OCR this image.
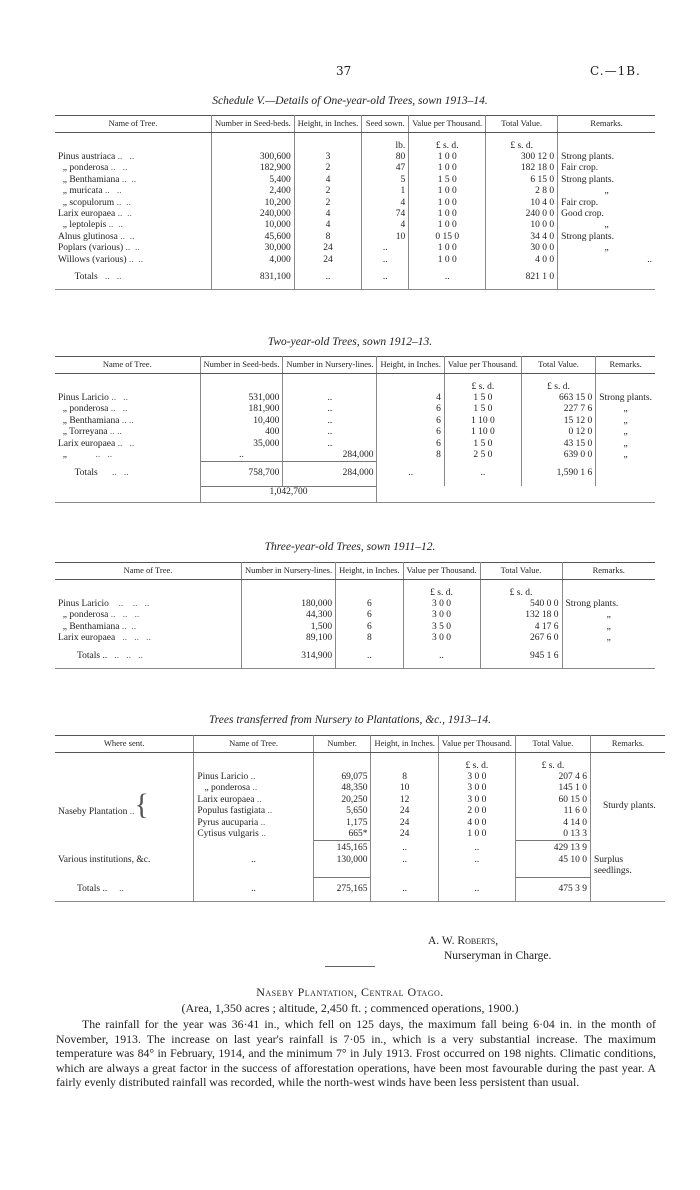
37	C.—1B.
Schedule V.—Details of One-year-old Trees, sown 1913–14.
Name of Tree.	Number in Seed-beds.	Height, in Inches.	Seed sown.	Value per Thousand.	Total Value.	Remarks.

			lb.	£ s. d.	£ s. d.	
Pinus austriaca ..   ..	300,600	3	80	1 0 0	300 12 0	Strong plants.
„ ponderosa ..   ..	182,900	2	47	1 0 0	182 18 0	Fair crop.
„ Benthamiana ..  ..	5,400	4	5	1 5 0	6 15 0	Strong plants.
„ muricata ..   ..	2,400	2	1	1 0 0	2 8 0	„
„ scopulorum ..  ..	10,200	2	4	1 0 0	10 4 0	Fair crop.
Larix europaea ..  ..	240,000	4	74	1 0 0	240 0 0	Good crop.
„ leptolepis ..  ..	10,000	4	4	1 0 0	10 0 0	„
Alnus glutinosa ..  ..	45,600	8	10	0 15 0	34 4 0	Strong plants.
Poplars (various) ..  ..	30,000	24	..	1 0 0	30 0 0	„
Willows (various) ..  ..	4,000	24	..	1 0 0	4 0 0	..
Totals   ..   ..	831,100	..	..	..	821 1 0	
Two-year-old Trees, sown 1912–13.
Name of Tree.	Number in Seed-beds.	Number in Nursery-lines.	Height, in Inches.	Value per Thousand.	Total Value.	Remarks.

				£ s. d.	£ s. d.	
Pinus Laricio ..   ..	531,000	..	4	1 5 0	663 15 0	Strong plants.
„ ponderosa ..   ..	181,900	..	6	1 5 0	227 7 6	„
„ Benthamiana .. ..	10,400	..	6	1 10 0	15 12 0	„
„ Torreyana .. ..	400	..	6	1 10 0	0 12 0	„
Larix europaea ..   ..	35,000	..	6	1 5 0	43 15 0	„
„            ..   ..	..	284,000	8	2 5 0	639 0 0	„
Totals      ..   ..	758,700	284,000	..	..	1,590 1 6	
	1,042,700					
Three-year-old Trees, sown 1911–12.
Name of Tree.	Number in Nursery-lines.	Height, in Inches.	Value per Thousand.	Total Value.	Remarks.

			£ s. d.	£ s. d.	
Pinus Laricio    ..    ..   ..	180,000	6	3 0 0	540 0 0	Strong plants.
„ ponderosa ..   ..   ..	44,300	6	3 0 0	132 18 0	„
„ Benthamiana ..  ..	1,500	6	3 5 0	4 17 6	„
Larix europaea   ..   ..   ..	89,100	8	3 0 0	267 6 0	„
Totals ..   ..   ..   ..	314,900	..	..	945 1 6	
Trees transferred from Nursery to Plantations, &c., 1913–14.
Where sent.	Name of Tree.	Number.	Height, in Inches.	Value per Thousand.	Total Value.	Remarks.

				£ s. d.	£ s. d.	
Naseby Plantation ..{	Pinus Laricio ..	69,075	8	3 0 0	207 4 6	Sturdy plants.
	„ ponderosa ..	48,350	10	3 0 0	145 1 0	
	Larix europaea ..	20,250	12	3 0 0	60 15 0	
	Populus fastigiata ..	5,650	24	2 0 0	11 6 0	
	Pyrus aucuparia ..	1,175	24	4 0 0	4 14 0	
	Cytisus vulgaris ..	665*	24	1 0 0	0 13 3	
		145,165	..	..	429 13 9	
Various institutions, &c.	..	130,000	..	..	45 10 0	Surplus seedlings.
Totals ..     ..	..	275,165	..	..	475 3 9	
A. W. Roberts,
Nurseryman in Charge.
Naseby Plantation, Central Otago.
(Area, 1,350 acres ; altitude, 2,450 ft. ; commenced operations, 1900.)
The rainfall for the year was 36·41 in., which fell on 125 days, the maximum fall being 6·04 in. in the month of November, 1913. The increase on last year's rainfall is 7·05 in., which is a very substantial increase. The maximum temperature was 84° in February, 1914, and the minimum 7° in July 1913. Frost occurred on 198 nights. Climatic conditions, which are always a great factor in the success of afforestation operations, have been most favourable during the past year. A fairly evenly distributed rainfall was recorded, while the north-west winds have been less persistent than usual.
